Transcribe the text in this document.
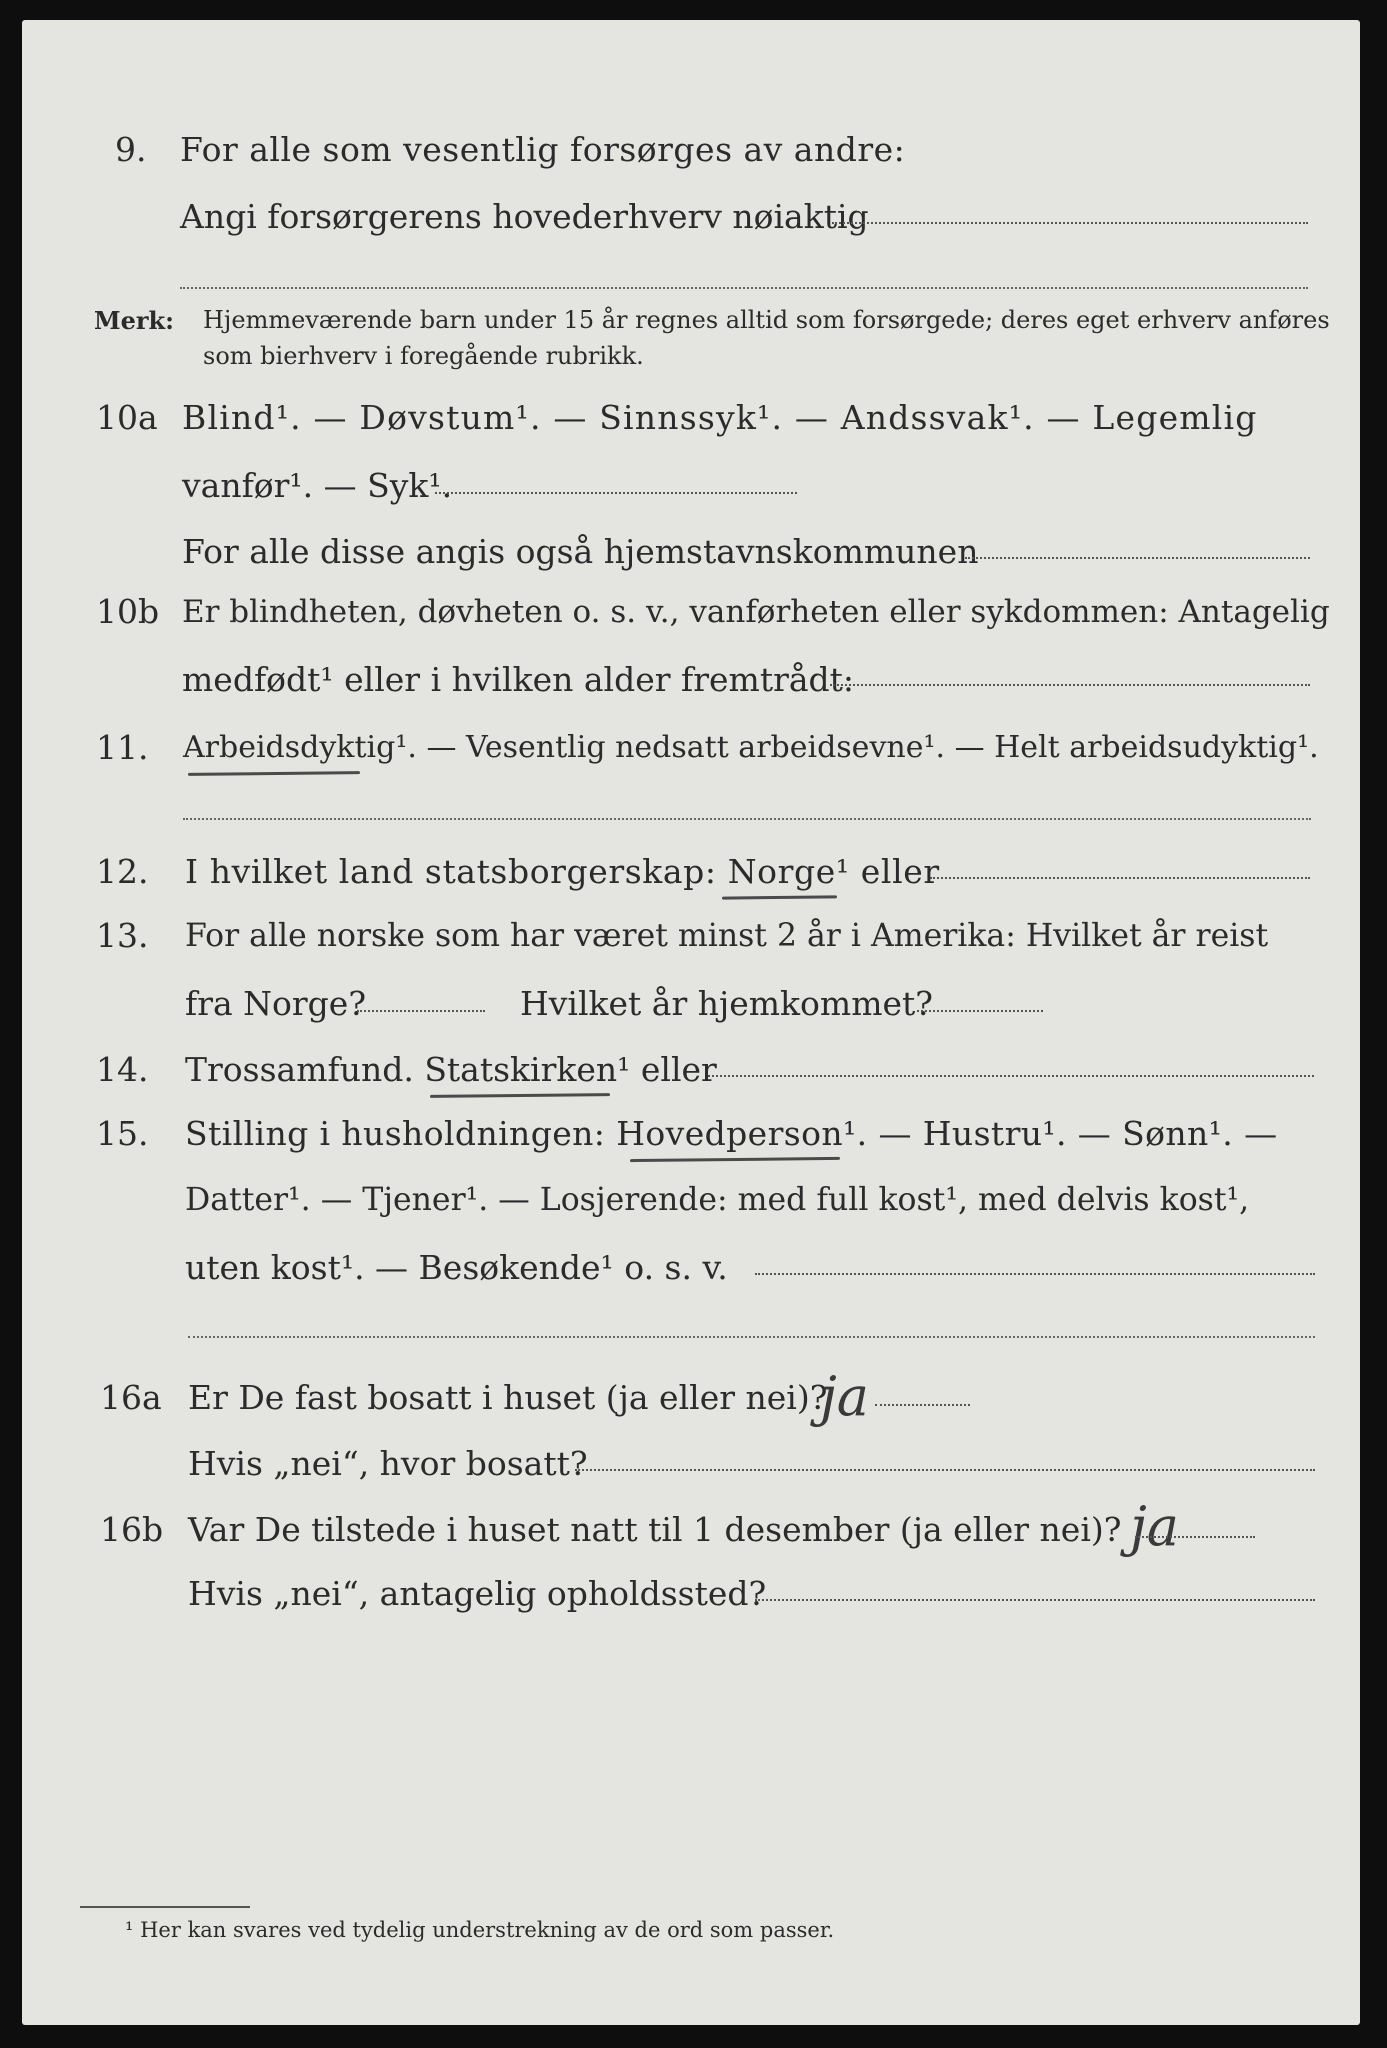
9. For alle som vesentlig forsørges av andre:
Angi forsørgerens hovederhverv nøiaktig
Merk: Hjemmeværende barn under 15 år regnes alltid som forsørgede; deres eget erhverv anføres som bierhverv i foregående rubrikk.
10a Blind¹. — Døvstum¹. — Sinnssyk¹. — Andssvak¹. — Legemlig
vanfør¹. — Syk¹.
For alle disse angis også hjemstavnskommunen
10b Er blindheten, døvheten o. s. v., vanførheten eller sykdommen: Antagelig
medfødt¹ eller i hvilken alder fremtrådt:
11. Arbeidsdyktig¹. — Vesentlig nedsatt arbeidsevne¹. — Helt arbeidsudyktig¹.
12. I hvilket land statsborgerskap: Norge¹ eller
13. For alle norske som har været minst 2 år i Amerika: Hvilket år reist
fra Norge?	Hvilket år hjemkommet?
14. Trossamfund. Statskirken¹ eller
15. Stilling i husholdningen: Hovedperson¹. — Hustru¹. — Sønn¹. —
Datter¹. — Tjener¹. — Losjerende: med full kost¹, med delvis kost¹,
uten kost¹. — Besøkende¹ o. s. v.
16a Er De fast bosatt i huset (ja eller nei)?
ja
Hvis „nei“, hvor bosatt?
16b Var De tilstede i huset natt til 1 desember (ja eller nei)? ja
Hvis „nei“, antagelig opholdssted?
¹ Her kan svares ved tydelig understrekning av de ord som passer.
